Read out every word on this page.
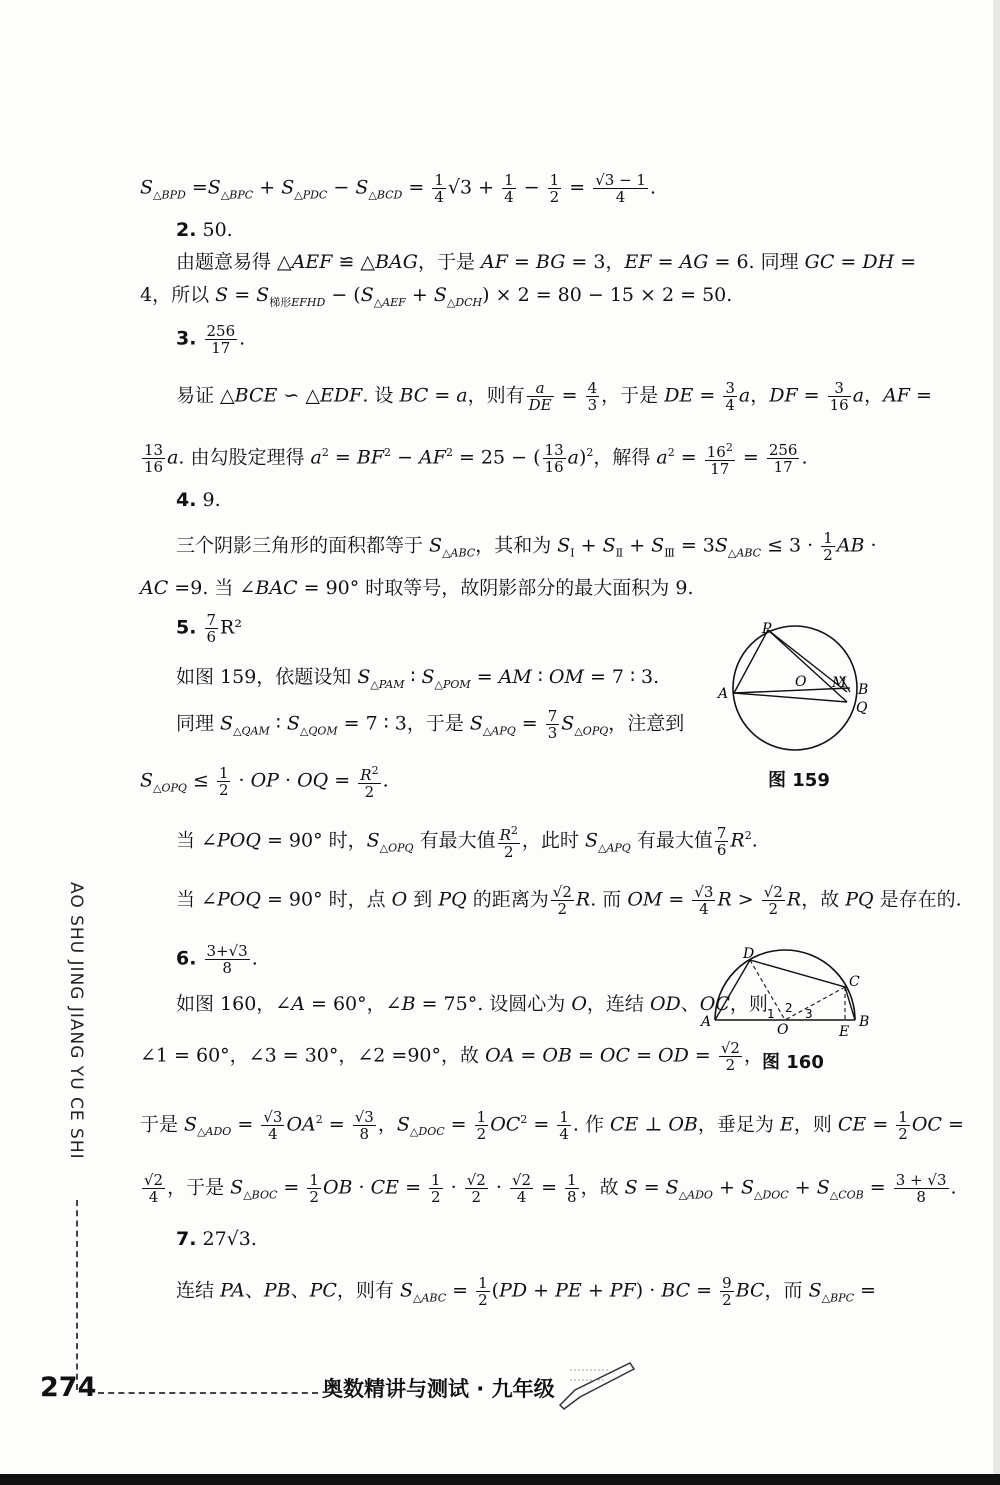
$S_{\triangle BPD} =S_{\triangle BPC} + S_{\triangle PDC} - S_{\triangle BCD} = \frac{1}{4} √3 + \frac{1}{4} - \frac{1}{2} = \frac{√3 - 1}{4}$ .
2. 50.
由题意易得 △AEF ≌ △BAG，于是 AF = BG = 3，EF = AG = 6. 同理 GC = DH =
4，所以 $S = S_{梯形EFHD} - (S_{\triangle AEF} + S_{\triangle DCH}) \times 2 = 80 - 15 \times 2 = 50$.
3. $\frac{256}{17}$ .
易证 △BCE ∽ △EDF. 设 BC = a，则有 $\frac{a}{DE} = \frac{4}{3}$ ，于是 DE = $\frac{3}{4}$ a，DF = $\frac{3}{16}$ a，AF =
$\frac{13}{16} a$. 由勾股定理得 $a^2 = BF^2 - AF^2 = 25$ − ( $\frac{13}{16} a)^2$，解得 $a^2 = \frac{16^2}{17} = \frac{256}{17}$ .
4. 9.
三个阴影三角形的面积都等于 $S_{\triangle ABC}$，其和为 $S_Ⅰ + S_Ⅱ + S_Ⅲ = 3S_{\triangle ABC} \le 3 \cdot \frac{1}{2}$ AB ·
AC =9. 当 ∠BAC = 90° 时取等号，故阴影部分的最大面积为 9.
5. $\frac{7}{6} R^2$
如图 159，依题设知 $S_{\triangle PAM}$ ∶ $S_{\triangle POM}$ = AM ∶ OM = 7 ∶ 3.
同理 $S_{\triangle QAM}$ ∶ $S_{\triangle QOM} = 7$ ∶ 3，于是 $S_{\triangle APQ} = \frac{7}{3} S_{\triangle OPQ}$，注意到
$S_{\triangle OPQ} \le \frac{1}{2}$ · OP · OQ = $\frac{R^2}{2}$ .
当 ∠POQ = 90° 时，$S_{\triangle OPQ}$ 有最大值 $\frac{R^2}{2}$ ，此时 $S_{\triangle APQ}$ 有最大值 $\frac{7}{6} R^2$.
当 ∠POQ = 90° 时，点 O 到 PQ 的距离为 $\frac{√2}{2} R$. 而 OM = $\frac{√3}{4}$ $R > \frac{√2}{2}$ R，故 PQ 是存在的.
6. $\frac{3+√3}{8}$ .
如图 160，∠A = 60°，∠B = 75°. 设圆心为 O，连结 OD、OC，则
∠1 = 60°，∠3 = 30°，∠2 =90°，故 OA = OB = OC = OD = $\frac{√2}{2}$ ，
于是 $S_{\triangle ADO} = \frac{√3}{4} OA^2 = \frac{√3}{8}$ ，$S_{\triangle DOC} = \frac{1}{2} OC^2 = \frac{1}{4}$ . 作 CE ⊥ OB，垂足为 E，则 CE = $\frac{1}{2}$ OC =
$\frac{√2}{4}$ ，于是 $S_{\triangle BOC} = \frac{1}{2}$ OB · CE = $\frac{1}{2} \cdot \frac{√2}{2} \cdot \frac{√2}{4} = \frac{1}{8}$ ，故 $S = S_{\triangle ADO} + S_{\triangle DOC} + S_{\triangle COB} = \frac{3 + √3}{8}$ .
7. 27√3.
连结 PA、PB、PC，则有 $S_{\triangle ABC} = \frac{1}{2} (PD$ + PE + PF) · BC = $\frac{9}{2}$ BC，而 $S_{\triangle BPC}$ =
P
A
O M B
Q
图 159
D
C
A	B
O	E
1 2 3
图 160
AO SHU JING JIANG YU CE SHI
274	奥数精讲与测试 · 九年级
